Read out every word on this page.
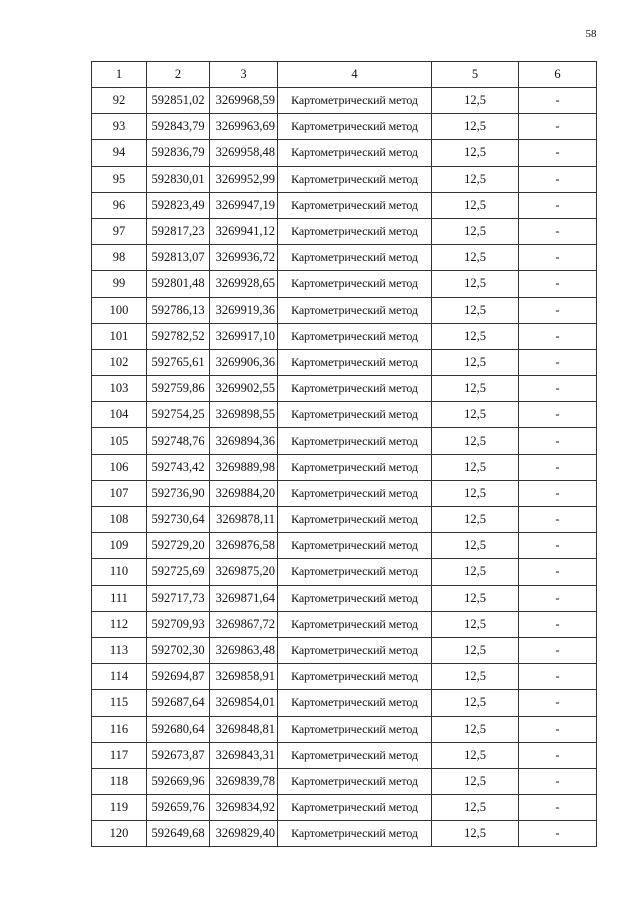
58
1	2	3	4	5	6
92	592851,02	3269968,59	Картометрический метод	12,5	-
93	592843,79	3269963,69	Картометрический метод	12,5	-
94	592836,79	3269958,48	Картометрический метод	12,5	-
95	592830,01	3269952,99	Картометрический метод	12,5	-
96	592823,49	3269947,19	Картометрический метод	12,5	-
97	592817,23	3269941,12	Картометрический метод	12,5	-
98	592813,07	3269936,72	Картометрический метод	12,5	-
99	592801,48	3269928,65	Картометрический метод	12,5	-
100	592786,13	3269919,36	Картометрический метод	12,5	-
101	592782,52	3269917,10	Картометрический метод	12,5	-
102	592765,61	3269906,36	Картометрический метод	12,5	-
103	592759,86	3269902,55	Картометрический метод	12,5	-
104	592754,25	3269898,55	Картометрический метод	12,5	-
105	592748,76	3269894,36	Картометрический метод	12,5	-
106	592743,42	3269889,98	Картометрический метод	12,5	-
107	592736,90	3269884,20	Картометрический метод	12,5	-
108	592730,64	3269878,11	Картометрический метод	12,5	-
109	592729,20	3269876,58	Картометрический метод	12,5	-
110	592725,69	3269875,20	Картометрический метод	12,5	-
111	592717,73	3269871,64	Картометрический метод	12,5	-
112	592709,93	3269867,72	Картометрический метод	12,5	-
113	592702,30	3269863,48	Картометрический метод	12,5	-
114	592694,87	3269858,91	Картометрический метод	12,5	-
115	592687,64	3269854,01	Картометрический метод	12,5	-
116	592680,64	3269848,81	Картометрический метод	12,5	-
117	592673,87	3269843,31	Картометрический метод	12,5	-
118	592669,96	3269839,78	Картометрический метод	12,5	-
119	592659,76	3269834,92	Картометрический метод	12,5	-
120	592649,68	3269829,40	Картометрический метод	12,5	-
